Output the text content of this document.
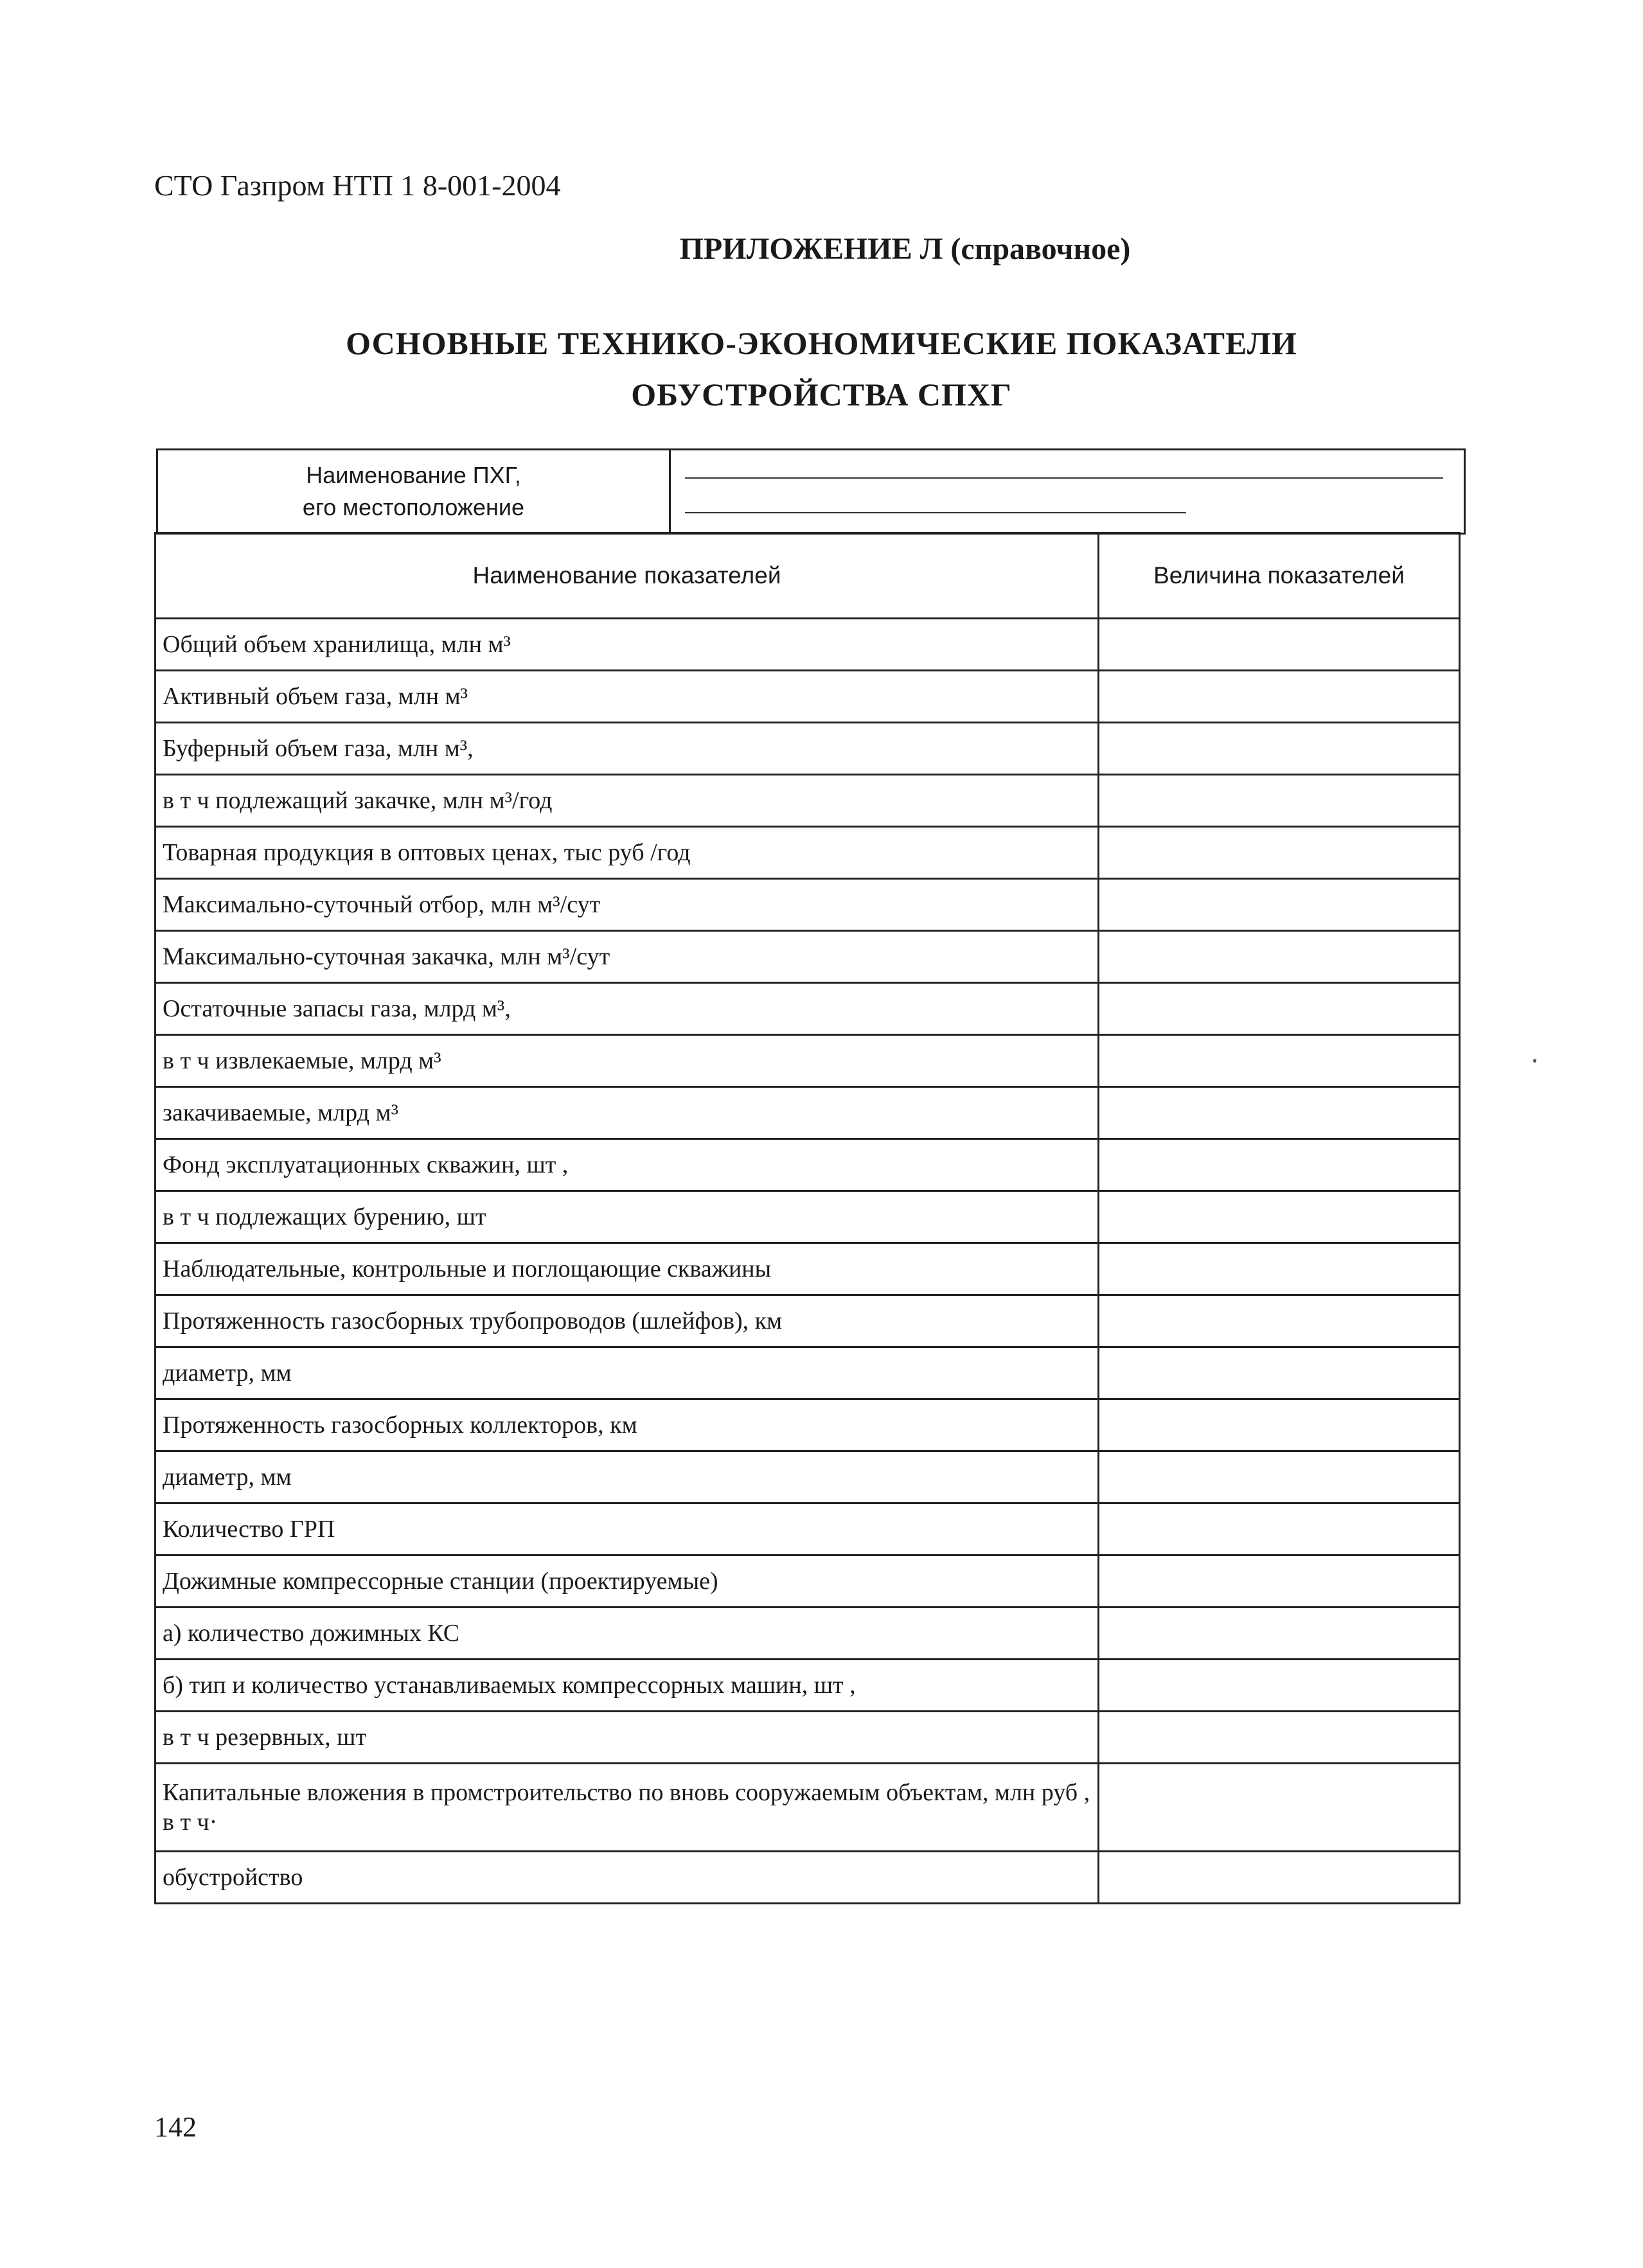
СТО Газпром НТП 1 8-001-2004
ПРИЛОЖЕНИЕ Л (справочное)
ОСНОВНЫЕ ТЕХНИКО-ЭКОНОМИЧЕСКИЕ ПОКАЗАТЕЛИ
ОБУСТРОЙСТВА СПХГ
Наименование ПХГ,
его местоположение
Наименование показателей	Величина показателей
Общий объем хранилища, млн м³	
Активный объем газа, млн м³	
Буферный объем газа, млн м³,	
в т ч подлежащий закачке, млн м³/год	
Товарная продукция в оптовых ценах, тыс руб /год	
Максимально-суточный отбор, млн м³/сут	
Максимально-суточная закачка, млн м³/сут	
Остаточные запасы газа, млрд м³,	
в т ч извлекаемые, млрд м³	
закачиваемые, млрд м³	
Фонд эксплуатационных скважин, шт ,	
в т ч подлежащих бурению, шт	
Наблюдательные, контрольные и поглощающие скважины	
Протяженность газосборных трубопроводов (шлейфов), км	
диаметр, мм	
Протяженность газосборных коллекторов, км	
диаметр, мм	
Количество ГРП	
Дожимные компрессорные станции (проектируемые)	
а) количество дожимных КС	
б) тип и количество устанавливаемых компрессорных машин, шт ,	
в т ч резервных, шт	
Капитальные вложения в промстроительство по вновь сооружаемым объектам, млн руб , в т ч·	
обустройство	
142
